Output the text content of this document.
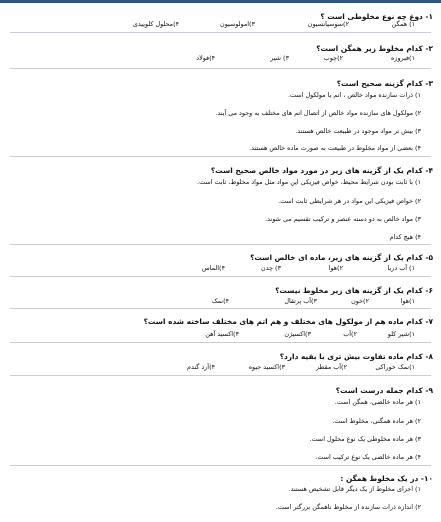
۱- دوغ چه نوع مخلوطی است ؟
۱) همگن
۲)سوسپانسیون
۳)امولوسیون
۴)محلول کلوییدی
۲- کدام مخلوط زیر همگن است؟
۱)فیروزه
۲)چوب
۳) شیر
۴)فولاد
۳- کدام گزینه صحیح است؟
۱) ذرات سازنده مواد خالص ، اتم یا مولکول است.
۲) مولکول های سازنده مواد خالص از اتصال اتم های مختلف به وجود می آیند.
۳) بیش تر مواد موجود در طبیعت خالص هستند.
۴) بعضی از مواد مخلوط در طبیعت به صورت ماده خالص هستند.
۴- کدام یک از گزینه های زیر در مورد مواد خالص صحیح است؟
۱) با ثابت بودن شرایط محیط، خواص فیزیکی این مواد مثل مواد مخلوط، ثابت است.
۲) خواص فیزیکی این مواد در هر شرایطی ثابت است.
۳) مواد خالص به دو دسته عنصر و ترکیب تقسیم می شوند.
۴) هیچ کدام
۵- کدام یک از گزینه های زیر، ماده ای خالص است؟
۱) آب دریا
۲)هوا
۳) چدن
۴)الماس
۶- کدام یک از گزینه های زیر مخلوط نیست؟
۱)هوا
۲)خون
۳)آب پرتقال
۴)نمک
۷- کدام ماده هم از مولکول های مختلف و هم اتم های مختلف ساخته شده است؟
۱)شیر کلو
۲)آب
۳)اکسیژن
۴)اکسید آهن
۸- کدام ماده تفاوت بیش تری با بقیه دارد؟
۱)نمک خوراکی
۲)آب مقطر
۳)اکسید جیوه
۴)آرد گندم
۹- کدام جمله درست است؟
۱) هر ماده خالصی، همگن است.
۲) هر ماده همگنی، مخلوط است.
۳) هر ماده مخلوطی یک نوع محلول است.
۴) هر ماده خالصی یک نوع ترکیب است.
۱۰- در یک مخلوط همگن :
۱) اجزای مخلوط از یک دیگر قابل تشخیص هستند.
۲) اندازه ذرات سازنده از مخلوط ناهمگن بزرگتر است.
